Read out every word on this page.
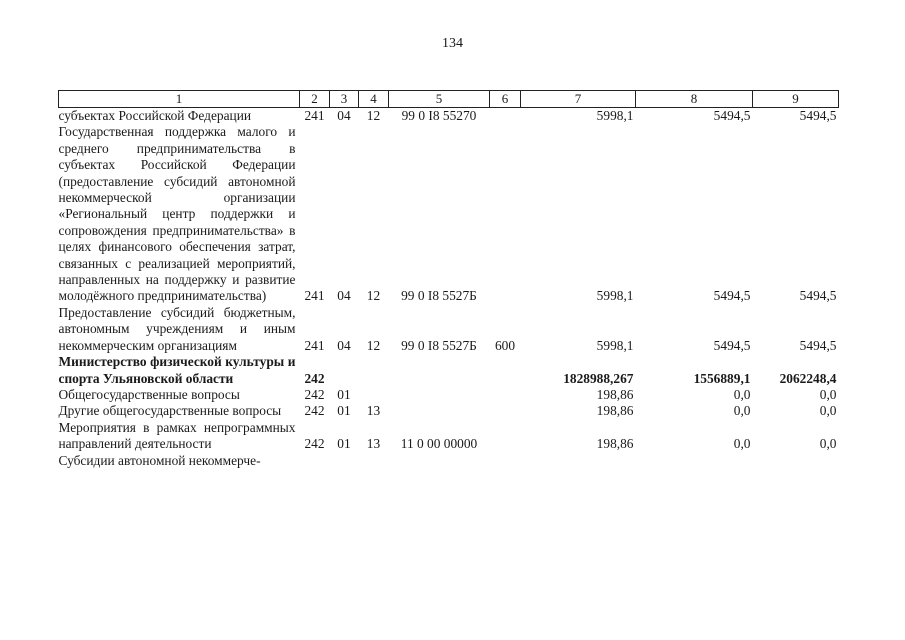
134
1	2	3	4	5	6	7	8	9
субъектах Российской Федерации	241	04	12	99 0 I8 55270		5998,1	5494,5	5494,5
Государственная поддержка малого и среднего предпринимательства в субъектах Российской Федерации (предоставление субсидий автономной некоммерческой организации «Региональный центр поддержки и сопровождения предпринимательства» в целях финансового обеспечения затрат, связанных с реализацией мероприятий, направленных на поддержку и развитие молодёжного предпринимательства)	241	04	12	99 0 I8 5527Б		5998,1	5494,5	5494,5
Предоставление субсидий бюджетным, автономным учреждениям и иным некоммерческим организациям	241	04	12	99 0 I8 5527Б	600	5998,1	5494,5	5494,5
Министерство физической культуры и спорта Ульяновской области	242					1828988,267	1556889,1	2062248,4
Общегосударственные вопросы	242	01				198,86	0,0	0,0
Другие общегосударственные вопросы	242	01	13			198,86	0,0	0,0
Мероприятия в рамках непрограммных направлений деятельности	242	01	13	11 0 00 00000		198,86	0,0	0,0
Субсидии автономной некоммерче-								
